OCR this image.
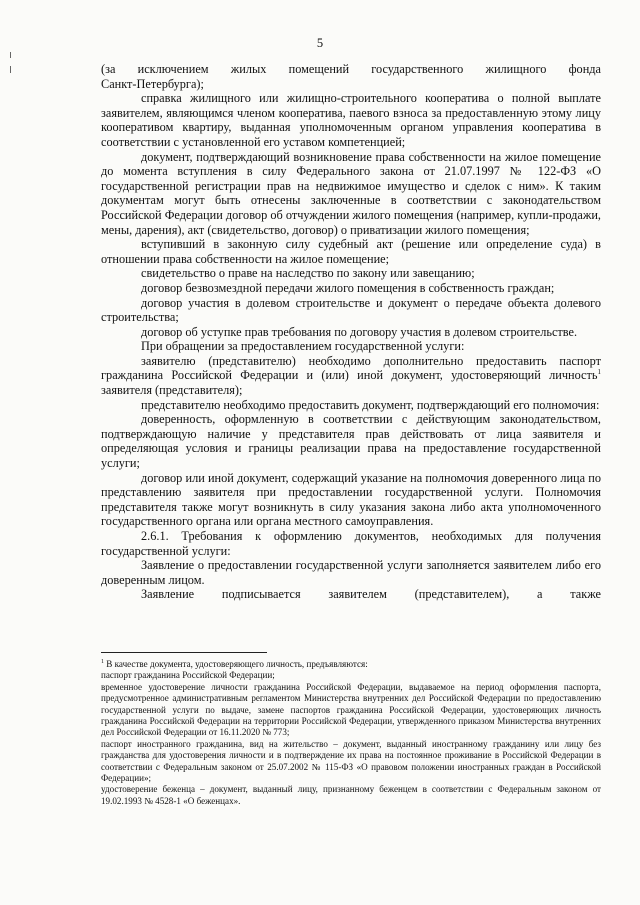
5

(за исключением жилых помещений государственного жилищного фонда Санкт-Петербурга);

справка жилищного или жилищно-строительного кооператива о полной выплате заявителем, являющимся членом кооператива, паевого взноса за предоставленную этому лицу кооперативом квартиру, выданная уполномоченным органом управления кооператива в соответствии с установленной его уставом компетенцией;

документ, подтверждающий возникновение права собственности на жилое помещение до момента вступления в силу Федерального закона от 21.07.1997 № 122-ФЗ «О государственной регистрации прав на недвижимое имущество и сделок с ним». К таким документам могут быть отнесены заключенные в соответствии с законодательством Российской Федерации договор об отчуждении жилого помещения (например, купли-продажи, мены, дарения), акт (свидетельство, договор) о приватизации жилого помещения;

вступивший в законную силу судебный акт (решение или определение суда) в отношении права собственности на жилое помещение;

свидетельство о праве на наследство по закону или завещанию;

договор безвозмездной передачи жилого помещения в собственность граждан;

договор участия в долевом строительстве и документ о передаче объекта долевого строительства;

договор об уступке прав требования по договору участия в долевом строительстве.

При обращении за предоставлением государственной услуги:

заявителю (представителю) необходимо дополнительно предоставить паспорт гражданина Российской Федерации и (или) иной документ, удостоверяющий личность$^1$ заявителя (представителя);

представителю необходимо предоставить документ, подтверждающий его полномочия:

доверенность, оформленную в соответствии с действующим законодательством, подтверждающую наличие у представителя прав действовать от лица заявителя и определяющая условия и границы реализации права на предоставление государственной услуги;

договор или иной документ, содержащий указание на полномочия доверенного лица по представлению заявителя при предоставлении государственной услуги. Полномочия представителя также могут возникнуть в силу указания закона либо акта уполномоченного государственного органа или органа местного самоуправления.

2.6.1. Требования к оформлению документов, необходимых для получения государственной услуги:

Заявление о предоставлении государственной услуги заполняется заявителем либо его доверенным лицом.

Заявление подписывается заявителем (представителем), а также

$^1$ В качестве документа, удостоверяющего личность, предъявляются:

паспорт гражданина Российской Федерации;

временное удостоверение личности гражданина Российской Федерации, выдаваемое на период оформления паспорта, предусмотренное административным регламентом Министерства внутренних дел Российской Федерации по предоставлению государственной услуги по выдаче, замене паспортов гражданина Российской Федерации, удостоверяющих личность гражданина Российской Федерации на территории Российской Федерации, утвержденного приказом Министерства внутренних дел Российской Федерации от 16.11.2020 № 773;

паспорт иностранного гражданина, вид на жительство – документ, выданный иностранному гражданину или лицу без гражданства для удостоверения личности и в подтверждение их права на постоянное проживание в Российской Федерации в соответствии с Федеральным законом от 25.07.2002 № 115-ФЗ «О правовом положении иностранных граждан в Российской Федерации»;

удостоверение беженца – документ, выданный лицу, признанному беженцем в соответствии с Федеральным законом от 19.02.1993 № 4528-1 «О беженцах».
